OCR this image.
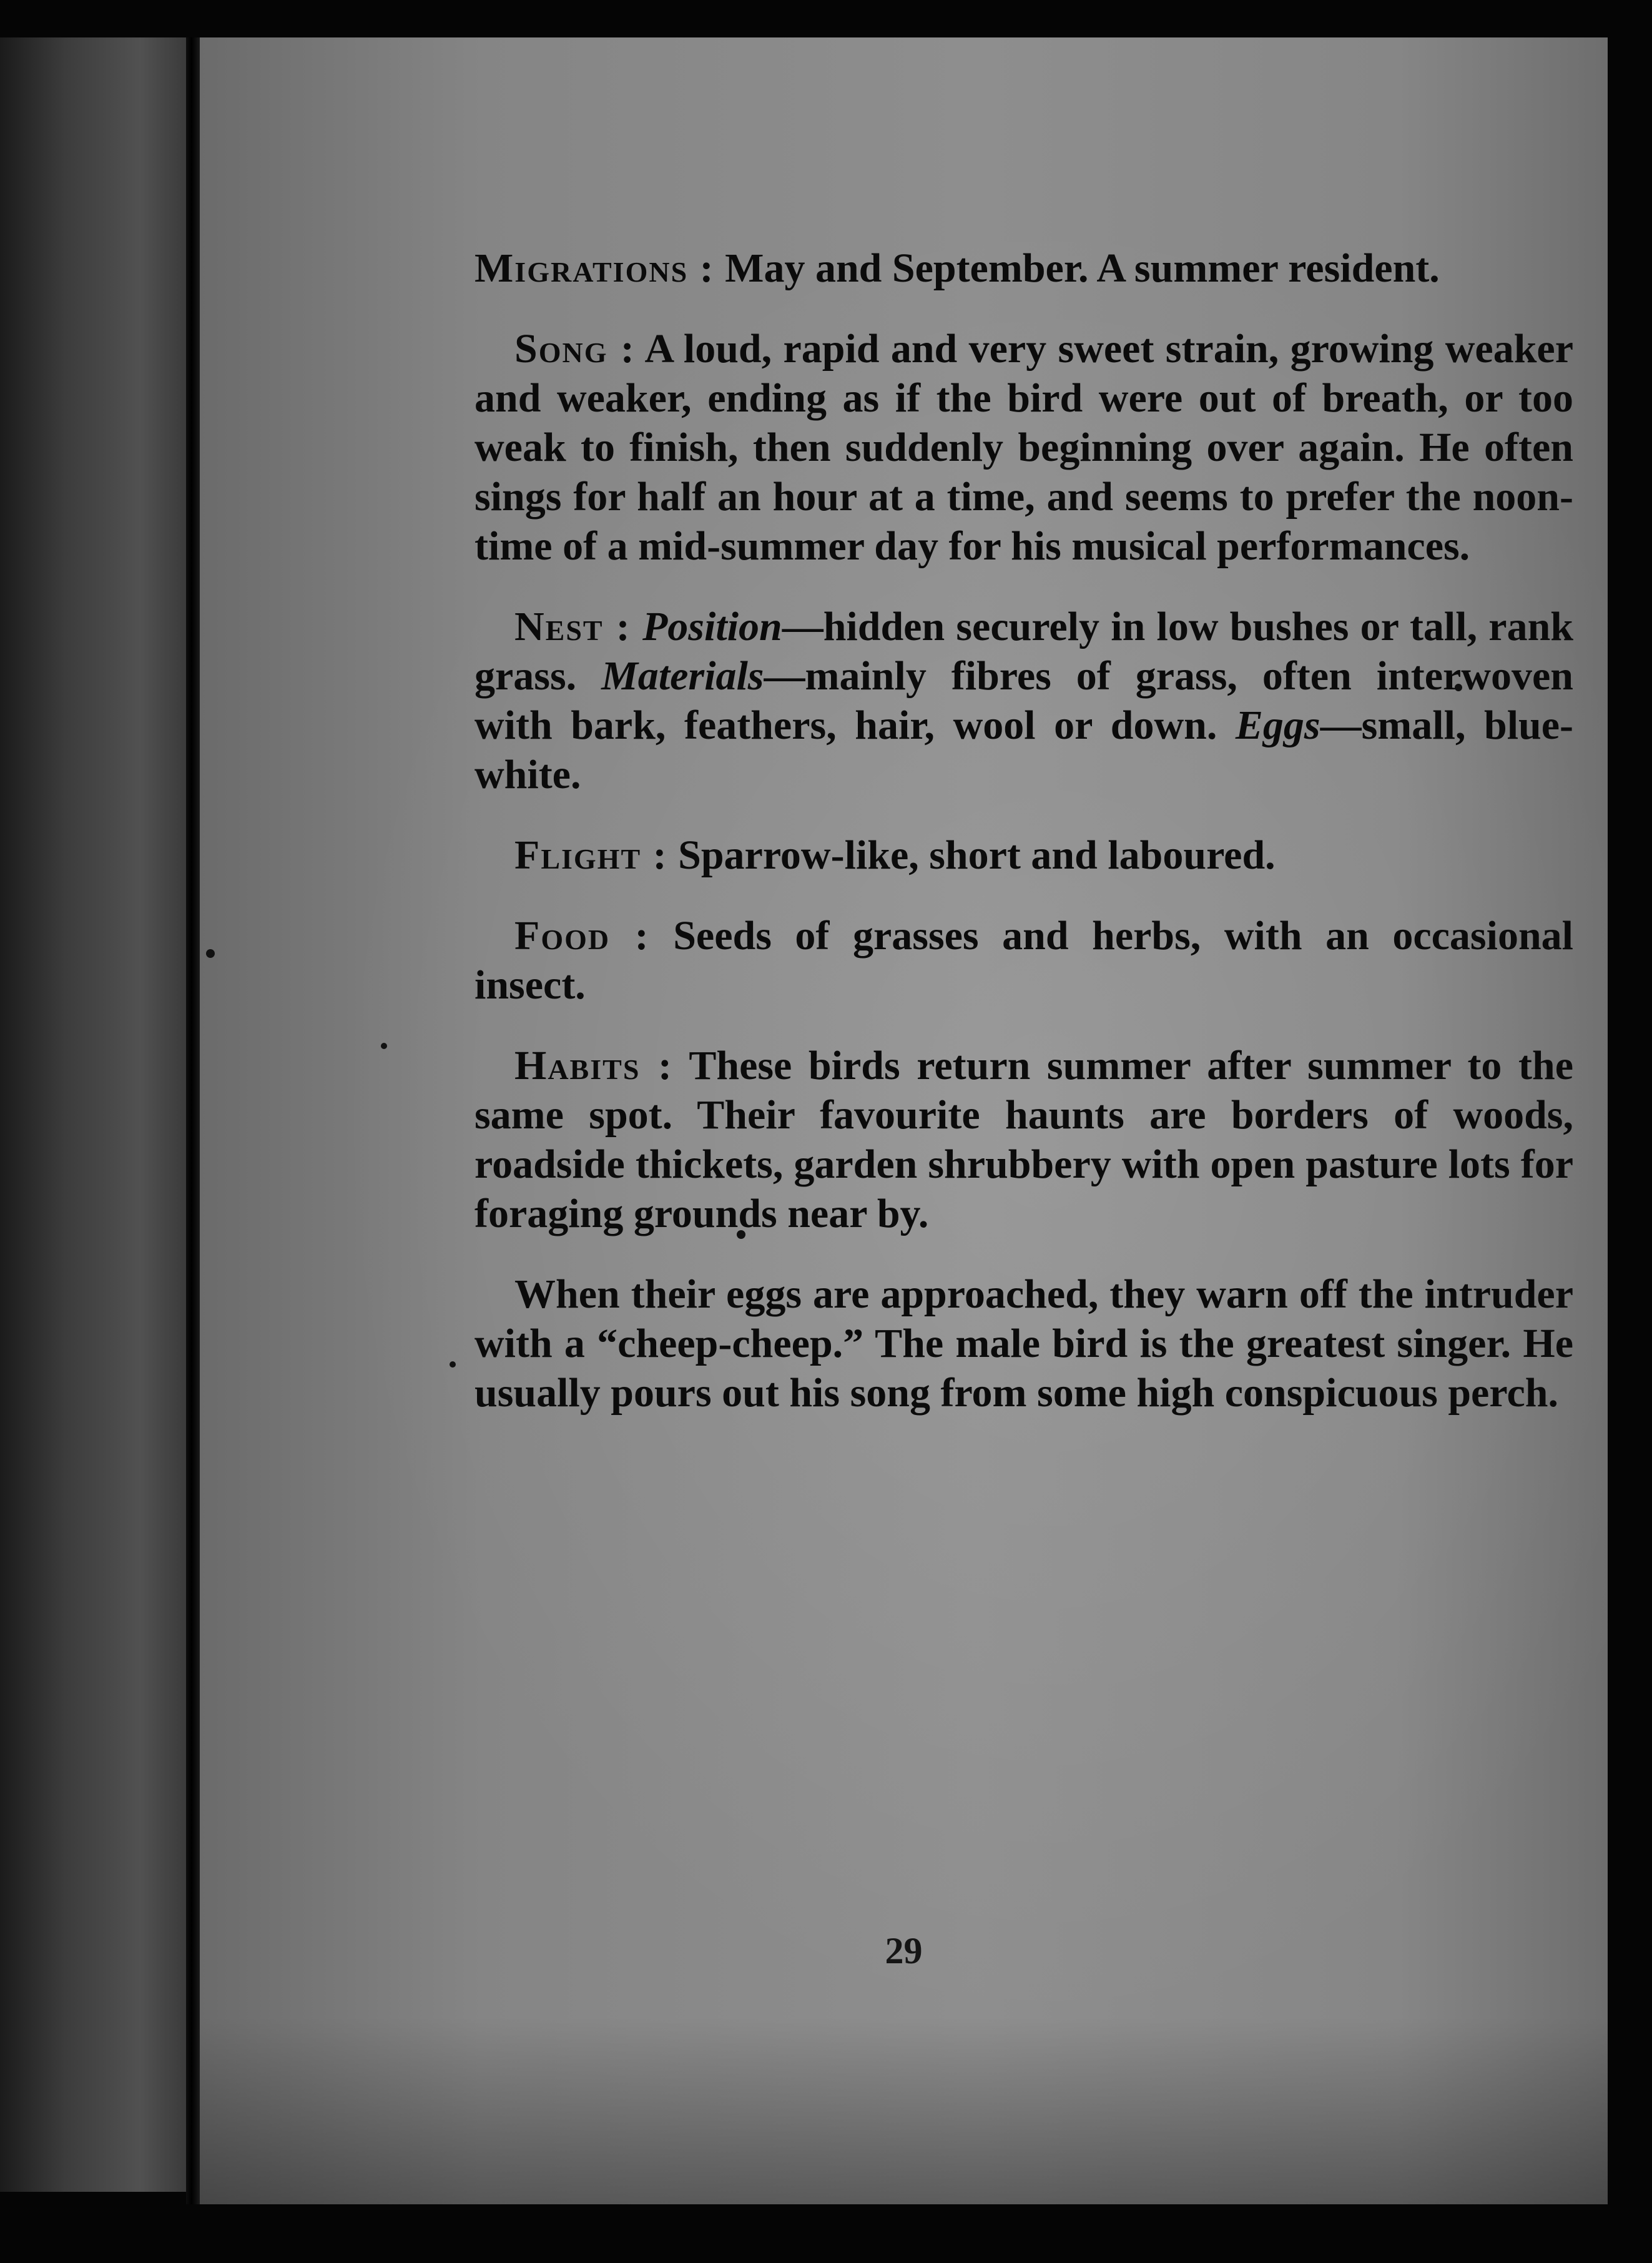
Migrations : May and September. A summer resident.

Song : A loud, rapid and very sweet strain, growing weaker and weaker, ending as if the bird were out of breath, or too weak to finish, then suddenly beginning over again. He often sings for half an hour at a time, and seems to prefer the noon-time of a mid-summer day for his musical performances.

Nest : Position—hidden securely in low bushes or tall, rank grass. Materials—mainly fibres of grass, often interwoven with bark, feathers, hair, wool or down. Eggs—small, blue-white.

Flight : Sparrow-like, short and laboured.

Food : Seeds of grasses and herbs, with an occasional insect.

Habits : These birds return summer after summer to the same spot. Their favourite haunts are borders of woods, roadside thickets, garden shrubbery with open pasture lots for foraging grounds near by.

When their eggs are approached, they warn off the intruder with a “cheep-cheep.” The male bird is the greatest singer. He usually pours out his song from some high conspicuous perch.

29
